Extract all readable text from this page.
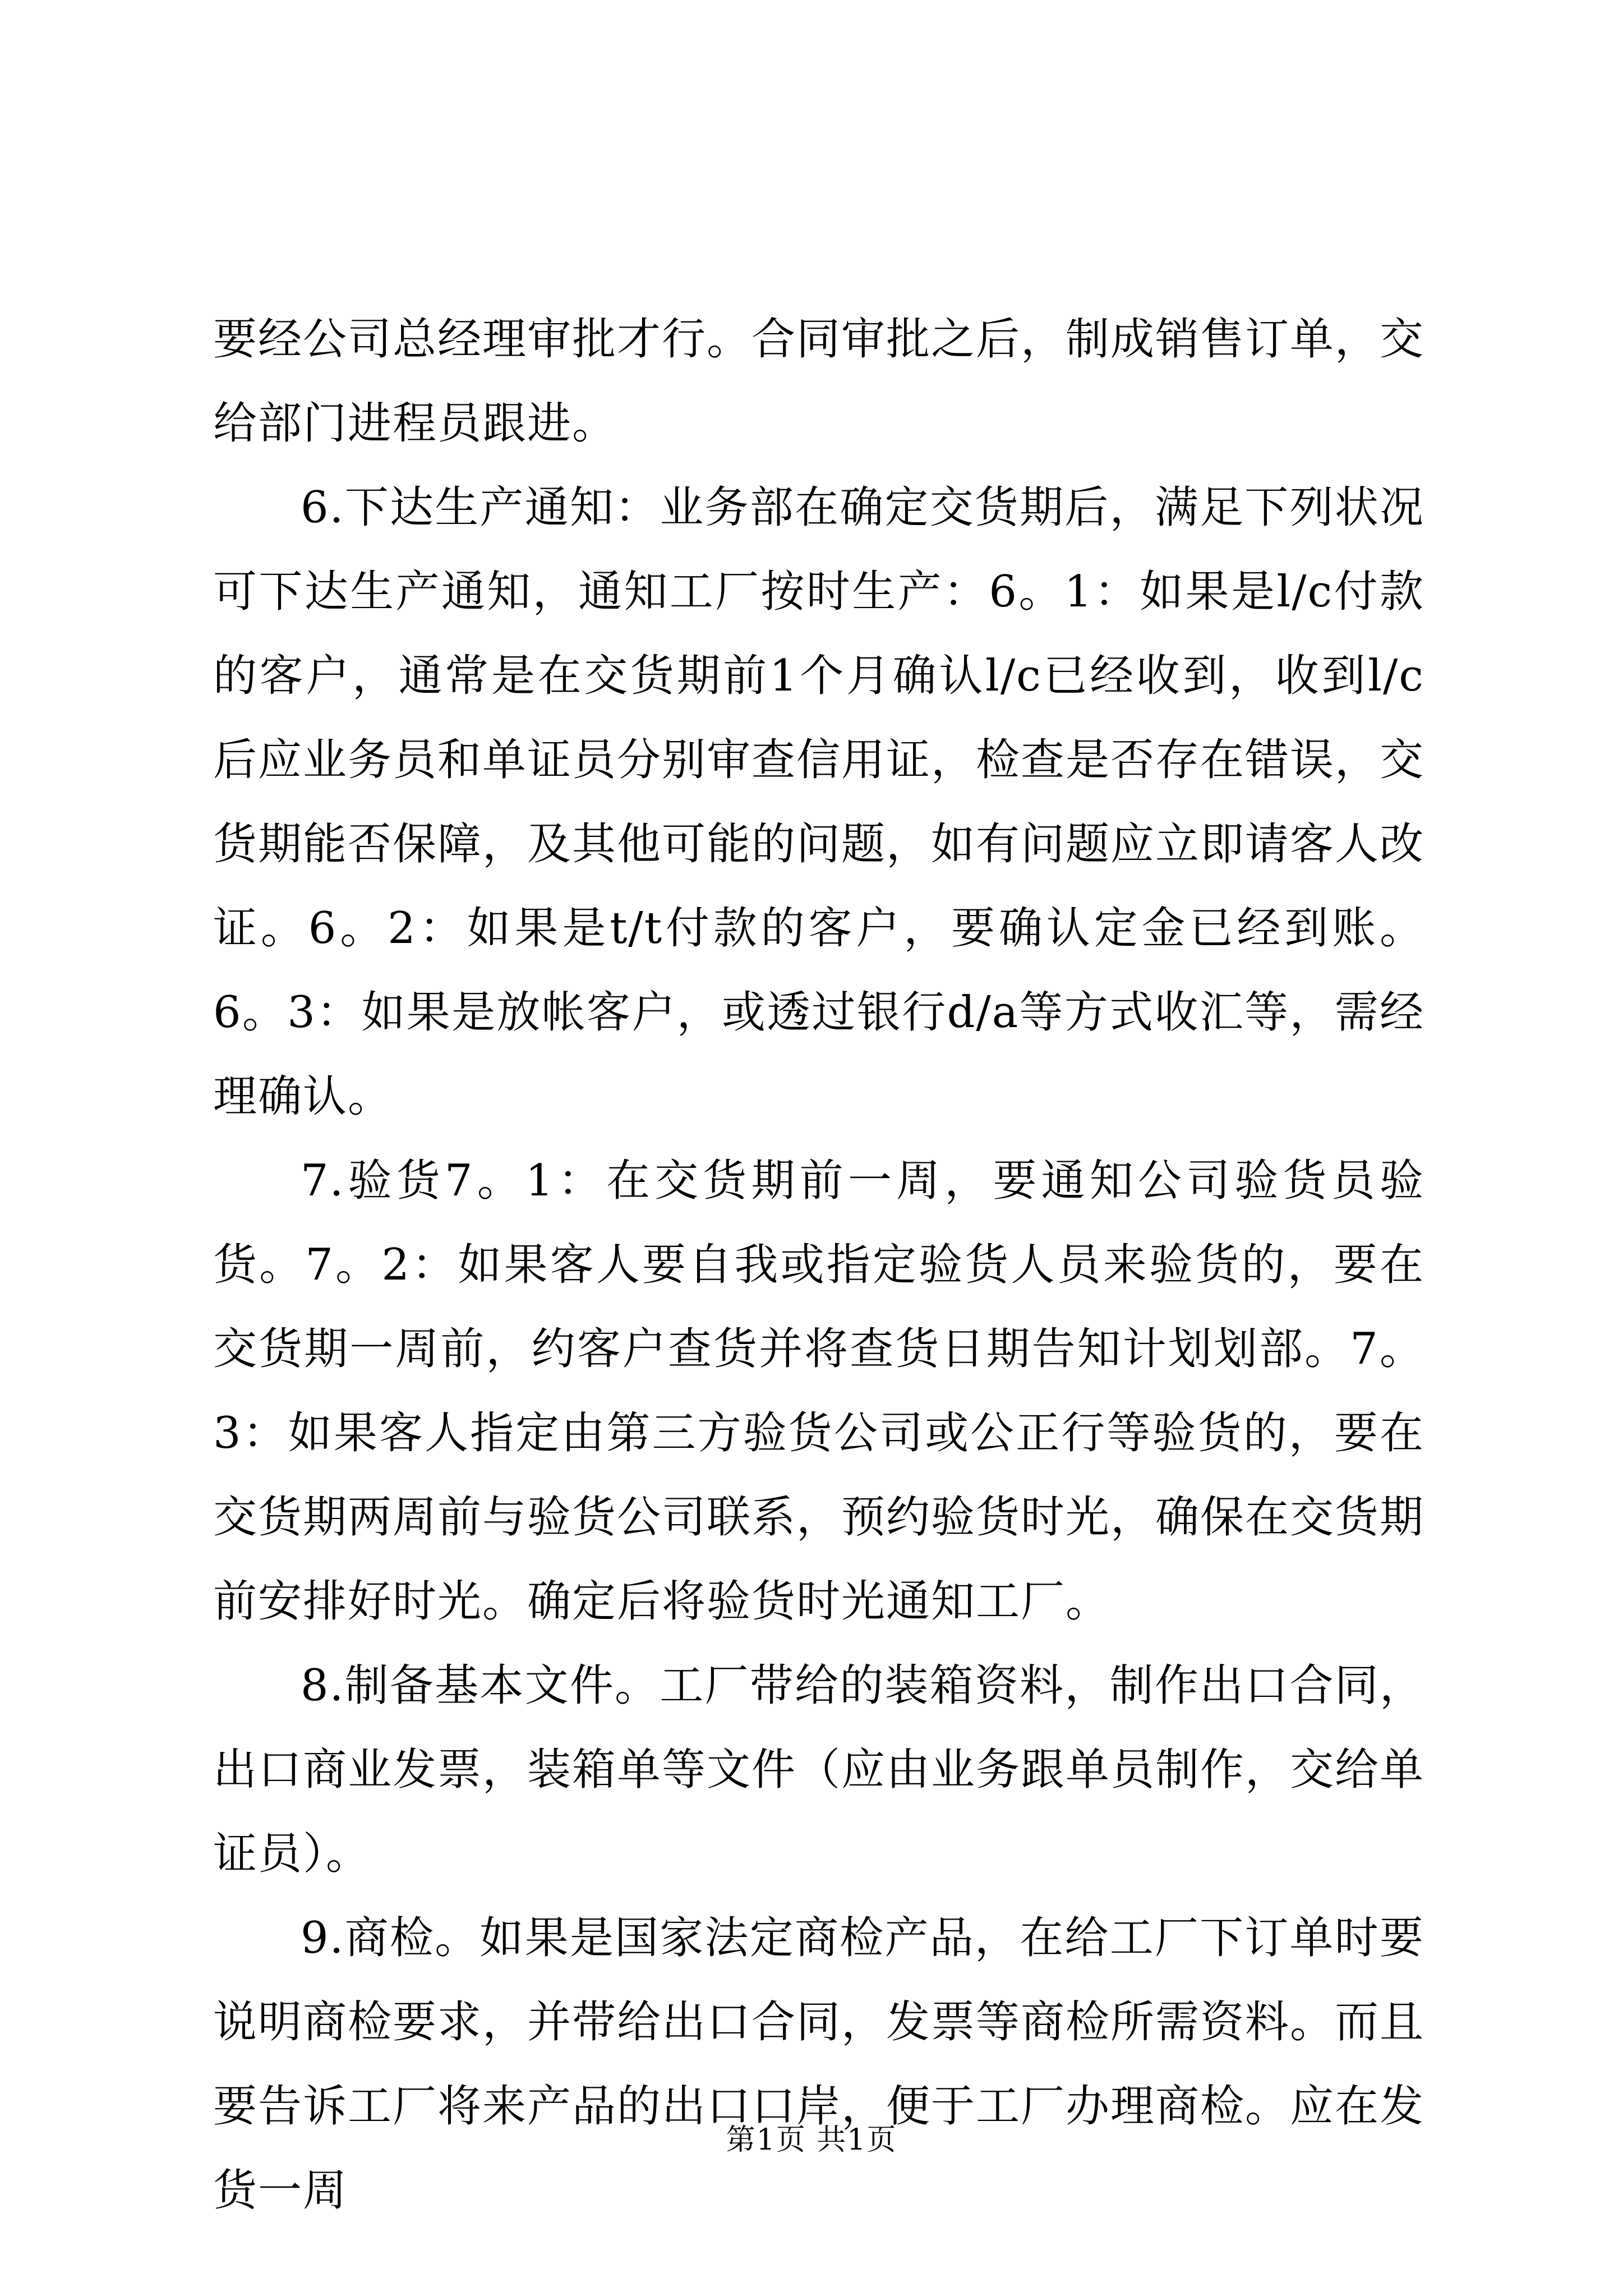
要经公司总经理审批才行。合同审批之后，制成销售订单，交给部门进程员跟进。

6.下达生产通知：业务部在确定交货期后，满足下列状况可下达生产通知，通知工厂按时生产：6。1：如果是l/c付款的客户，通常是在交货期前1个月确认l/c已经收到，收到l/c后应业务员和单证员分别审查信用证，检查是否存在错误，交货期能否保障，及其他可能的问题，如有问题应立即请客人改证。6。2：如果是t/t付款的客户，要确认定金已经到账。6。3：如果是放帐客户，或透过银行d/a等方式收汇等，需经理确认。

7.验货7。1：在交货期前一周，要通知公司验货员验货。7。2：如果客人要自我或指定验货人员来验货的，要在交货期一周前，约客户查货并将查货日期告知计划划部。7。3：如果客人指定由第三方验货公司或公正行等验货的，要在交货期两周前与验货公司联系，预约验货时光，确保在交货期前安排好时光。确定后将验货时光通知工厂。

8.制备基本文件。工厂带给的装箱资料，制作出口合同，出口商业发票，装箱单等文件（应由业务跟单员制作，交给单证员）。

9.商检。如果是国家法定商检产品，在给工厂下订单时要说明商检要求，并带给出口合同，发票等商检所需资料。而且要告诉工厂将来产品的出口口岸，便于工厂办理商检。应在发货一周

第1页 共1页
